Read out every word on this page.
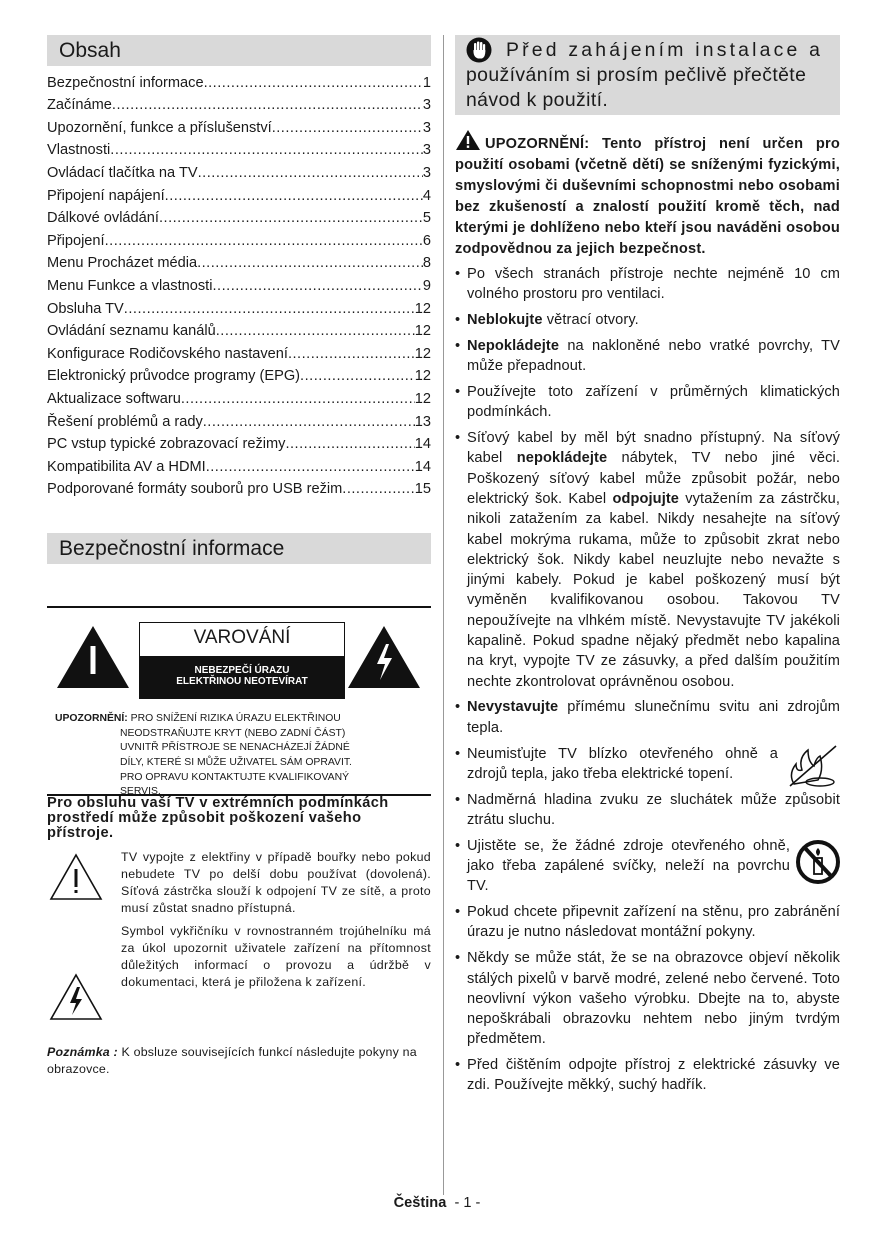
Obsah
Bezpečnostní informace .....	1
Začínáme .....	3
Upozornění, funkce a příslušenství .....	3
Vlastnosti .....	3
Ovládací tlačítka na TV .....	3
Připojení napájení .....	4
Dálkové ovládání .....	5
Připojení .....	6
Menu Procházet média .....	8
Menu Funkce a vlastnosti .....	9
Obsluha TV .....	12
Ovládání seznamu kanálů .....	12
Konfigurace Rodičovského nastavení .....	12
Elektronický průvodce programy (EPG) .....	12
Aktualizace softwaru .....	12
Řešení problémů a rady .....	13
PC vstup typické zobrazovací režimy .....	14
Kompatibilita AV a HDMI .....	14
Podporované formáty souborů pro USB režim .....	15
Bezpečnostní informace
VAROVÁNÍ
NEBEZPEČÍ ÚRAZU
ELEKTŘINOU NEOTEVÍRAT
UPOZORNĚNÍ: PRO SNÍŽENÍ RIZIKA ÚRAZU ELEKTŘINOU
NEODSTRAŇUJTE KRYT (NEBO ZADNÍ ČÁST)
UVNITŘ PŘÍSTROJE SE NENACHÁZEJÍ ŽÁDNÉ
DÍLY, KTERÉ SI MŮŽE UŽIVATEL SÁM OPRAVIT.
PRO OPRAVU KONTAKTUJTE KVALIFIKOVANÝ
SERVIS.
Pro obsluhu vaší TV v extrémních podmínkách prostředí může způsobit poškození vašeho přístroje.

TV vypojte z elektřiny v případě bouřky nebo pokud nebudete TV po delší dobu používat (dovolená). Síťová zástrčka slouží k odpojení TV ze sítě, a proto musí zůstat snadno přístupná.

Symbol vykřičníku v rovnostranném trojúhelníku má za úkol upozornit uživatele zařízení na přítomnost důležitých informací o provozu a údržbě v dokumentaci, která je přiložena k zařízení.

Poznámka : K obsluze souvisejících funkcí následujte pokyny na obrazovce.
Před zahájením instalace a
používáním si prosím pečlivě přečtěte
návod k použití.
UPOZORNĚNÍ: Tento přístroj není určen pro použití osobami (včetně dětí) se sníženými fyzickými, smyslovými či duševními schopnostmi nebo osobami bez zkušeností a znalostí použití kromě těch, nad kterými je dohlíženo nebo kteří jsou naváděni osobou zodpovědnou za jejich bezpečnost.
• Po všech stranách přístroje nechte nejméně 10 cm volného prostoru pro ventilaci.
• Neblokujte větrací otvory.
• Nepokládejte na nakloněné nebo vratké povrchy, TV může přepadnout.
• Používejte toto zařízení v průměrných klimatických podmínkách.
• Síťový kabel by měl být snadno přístupný. Na síťový kabel nepokládejte nábytek, TV nebo jiné věci. Poškozený síťový kabel může způsobit požár, nebo elektrický šok. Kabel odpojujte vytažením za zástrčku, nikoli zatažením za kabel. Nikdy nesahejte na síťový kabel mokrýma rukama, může to způsobit zkrat nebo elektrický šok. Nikdy kabel neuzlujte nebo nevažte s jinými kabely. Pokud je kabel poškozený musí být vyměněn kvalifikovanou osobou. Takovou TV nepoužívejte na vlhkém místě. Nevystavujte TV jakékoli kapalině. Pokud spadne nějaký předmět nebo kapalina na kryt, vypojte TV ze zásuvky, a před dalším použitím nechte zkontrolovat oprávněnou osobou.
• Nevystavujte přímému slunečnímu svitu ani zdrojům tepla.
• Neumisťujte TV blízko otevřeného ohně a zdrojů tepla, jako třeba elektrické topení.
• Nadměrná hladina zvuku ze sluchátek může způsobit ztrátu sluchu.
• Ujistěte se, že žádné zdroje otevřeného ohně, jako třeba zapálené svíčky, neleží na povrchu TV.
• Pokud chcete připevnit zařízení na stěnu, pro zabránění úrazu je nutno následovat montážní pokyny.
• Někdy se může stát, že se na obrazovce objeví několik stálých pixelů v barvě modré, zelené nebo červené. Toto neovlivní výkon vašeho výrobku. Dbejte na to, abyste nepoškrábali obrazovku nehtem nebo jiným tvrdým předmětem.
• Před čištěním odpojte přístroj z elektrické zásuvky ve zdi. Používejte měkký, suchý hadřík.
Čeština - 1 -
